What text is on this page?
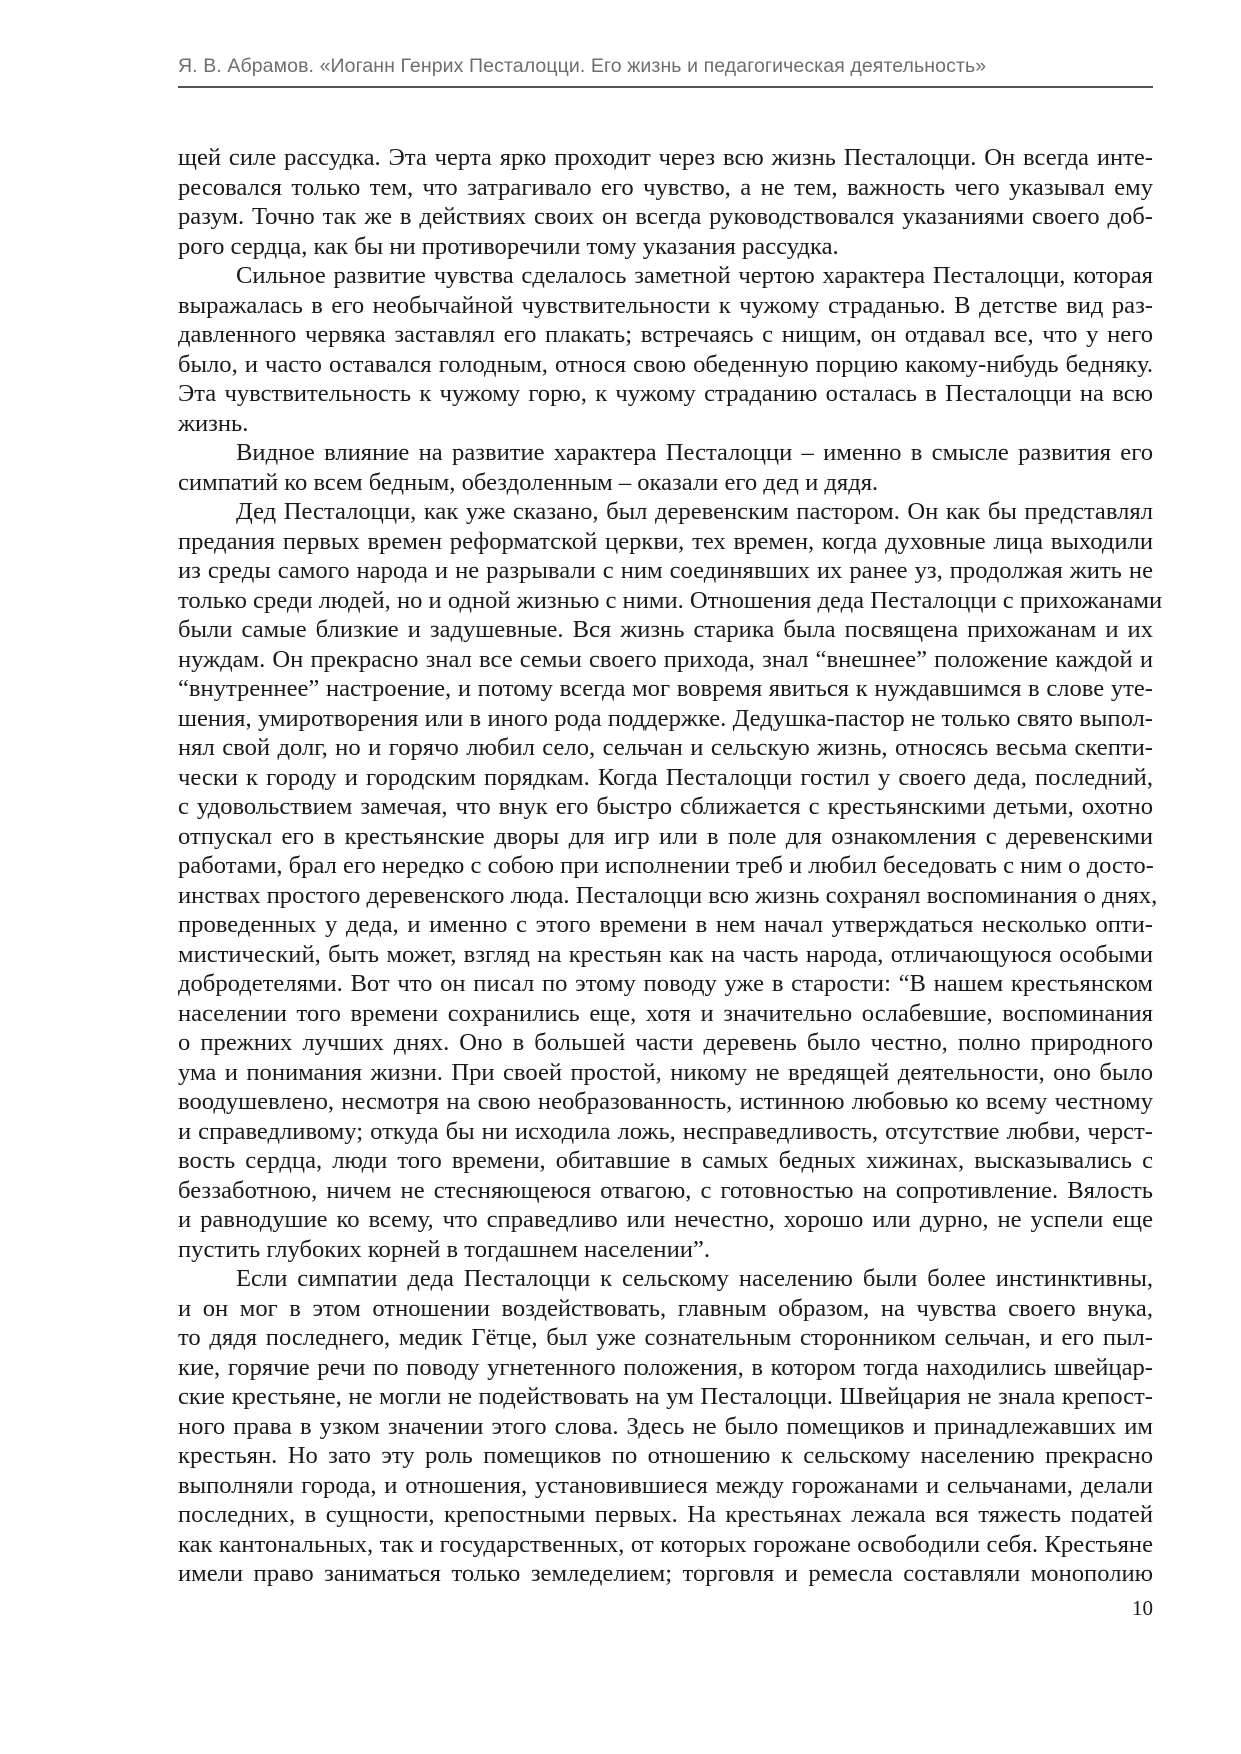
Я. В. Абрамов. «Иоганн Генрих Песталоцци. Его жизнь и педагогическая деятельность»
щей силе рассудка. Эта черта ярко проходит через всю жизнь Песталоцци. Он всегда инте-
ресовался только тем, что затрагивало его чувство, а не тем, важность чего указывал ему
разум. Точно так же в действиях своих он всегда руководствовался указаниями своего доб-
рого сердца, как бы ни противоречили тому указания рассудка.
Сильное развитие чувства сделалось заметной чертою характера Песталоцци, которая
выражалась в его необычайной чувствительности к чужому страданью. В детстве вид раз-
давленного червяка заставлял его плакать; встречаясь с нищим, он отдавал все, что у него
было, и часто оставался голодным, относя свою обеденную порцию какому-нибудь бедняку.
Эта чувствительность к чужому горю, к чужому страданию осталась в Песталоцци на всю
жизнь.
Видное влияние на развитие характера Песталоцци – именно в смысле развития его
симпатий ко всем бедным, обездоленным – оказали его дед и дядя.
Дед Песталоцци, как уже сказано, был деревенским пастором. Он как бы представлял
предания первых времен реформатской церкви, тех времен, когда духовные лица выходили
из среды самого народа и не разрывали с ним соединявших их ранее уз, продолжая жить не
только среди людей, но и одной жизнью с ними. Отношения деда Песталоцци с прихожанами
были самые близкие и задушевные. Вся жизнь старика была посвящена прихожанам и их
нуждам. Он прекрасно знал все семьи своего прихода, знал “внешнее” положение каждой и
“внутреннее” настроение, и потому всегда мог вовремя явиться к нуждавшимся в слове уте-
шения, умиротворения или в иного рода поддержке. Дедушка-пастор не только свято выпол-
нял свой долг, но и горячо любил село, сельчан и сельскую жизнь, относясь весьма скепти-
чески к городу и городским порядкам. Когда Песталоцци гостил у своего деда, последний,
с удовольствием замечая, что внук его быстро сближается с крестьянскими детьми, охотно
отпускал его в крестьянские дворы для игр или в поле для ознакомления с деревенскими
работами, брал его нередко с собою при исполнении треб и любил беседовать с ним о досто-
инствах простого деревенского люда. Песталоцци всю жизнь сохранял воспоминания о днях,
проведенных у деда, и именно с этого времени в нем начал утверждаться несколько опти-
мистический, быть может, взгляд на крестьян как на часть народа, отличающуюся особыми
добродетелями. Вот что он писал по этому поводу уже в старости: “В нашем крестьянском
населении того времени сохранились еще, хотя и значительно ослабевшие, воспоминания
о прежних лучших днях. Оно в большей части деревень было честно, полно природного
ума и понимания жизни. При своей простой, никому не вредящей деятельности, оно было
воодушевлено, несмотря на свою необразованность, истинною любовью ко всему честному
и справедливому; откуда бы ни исходила ложь, несправедливость, отсутствие любви, черст-
вость сердца, люди того времени, обитавшие в самых бедных хижинах, высказывались с
беззаботною, ничем не стесняющеюся отвагою, с готовностью на сопротивление. Вялость
и равнодушие ко всему, что справедливо или нечестно, хорошо или дурно, не успели еще
пустить глубоких корней в тогдашнем населении”.
Если симпатии деда Песталоцци к сельскому населению были более инстинктивны,
и он мог в этом отношении воздействовать, главным образом, на чувства своего внука,
то дядя последнего, медик Гётце, был уже сознательным сторонником сельчан, и его пыл-
кие, горячие речи по поводу угнетенного положения, в котором тогда находились швейцар-
ские крестьяне, не могли не подействовать на ум Песталоцци. Швейцария не знала крепост-
ного права в узком значении этого слова. Здесь не было помещиков и принадлежавших им
крестьян. Но зато эту роль помещиков по отношению к сельскому населению прекрасно
выполняли города, и отношения, установившиеся между горожанами и сельчанами, делали
последних, в сущности, крепостными первых. На крестьянах лежала вся тяжесть податей
как кантональных, так и государственных, от которых горожане освободили себя. Крестьяне
имели право заниматься только земледелием; торговля и ремесла составляли монополию
10
